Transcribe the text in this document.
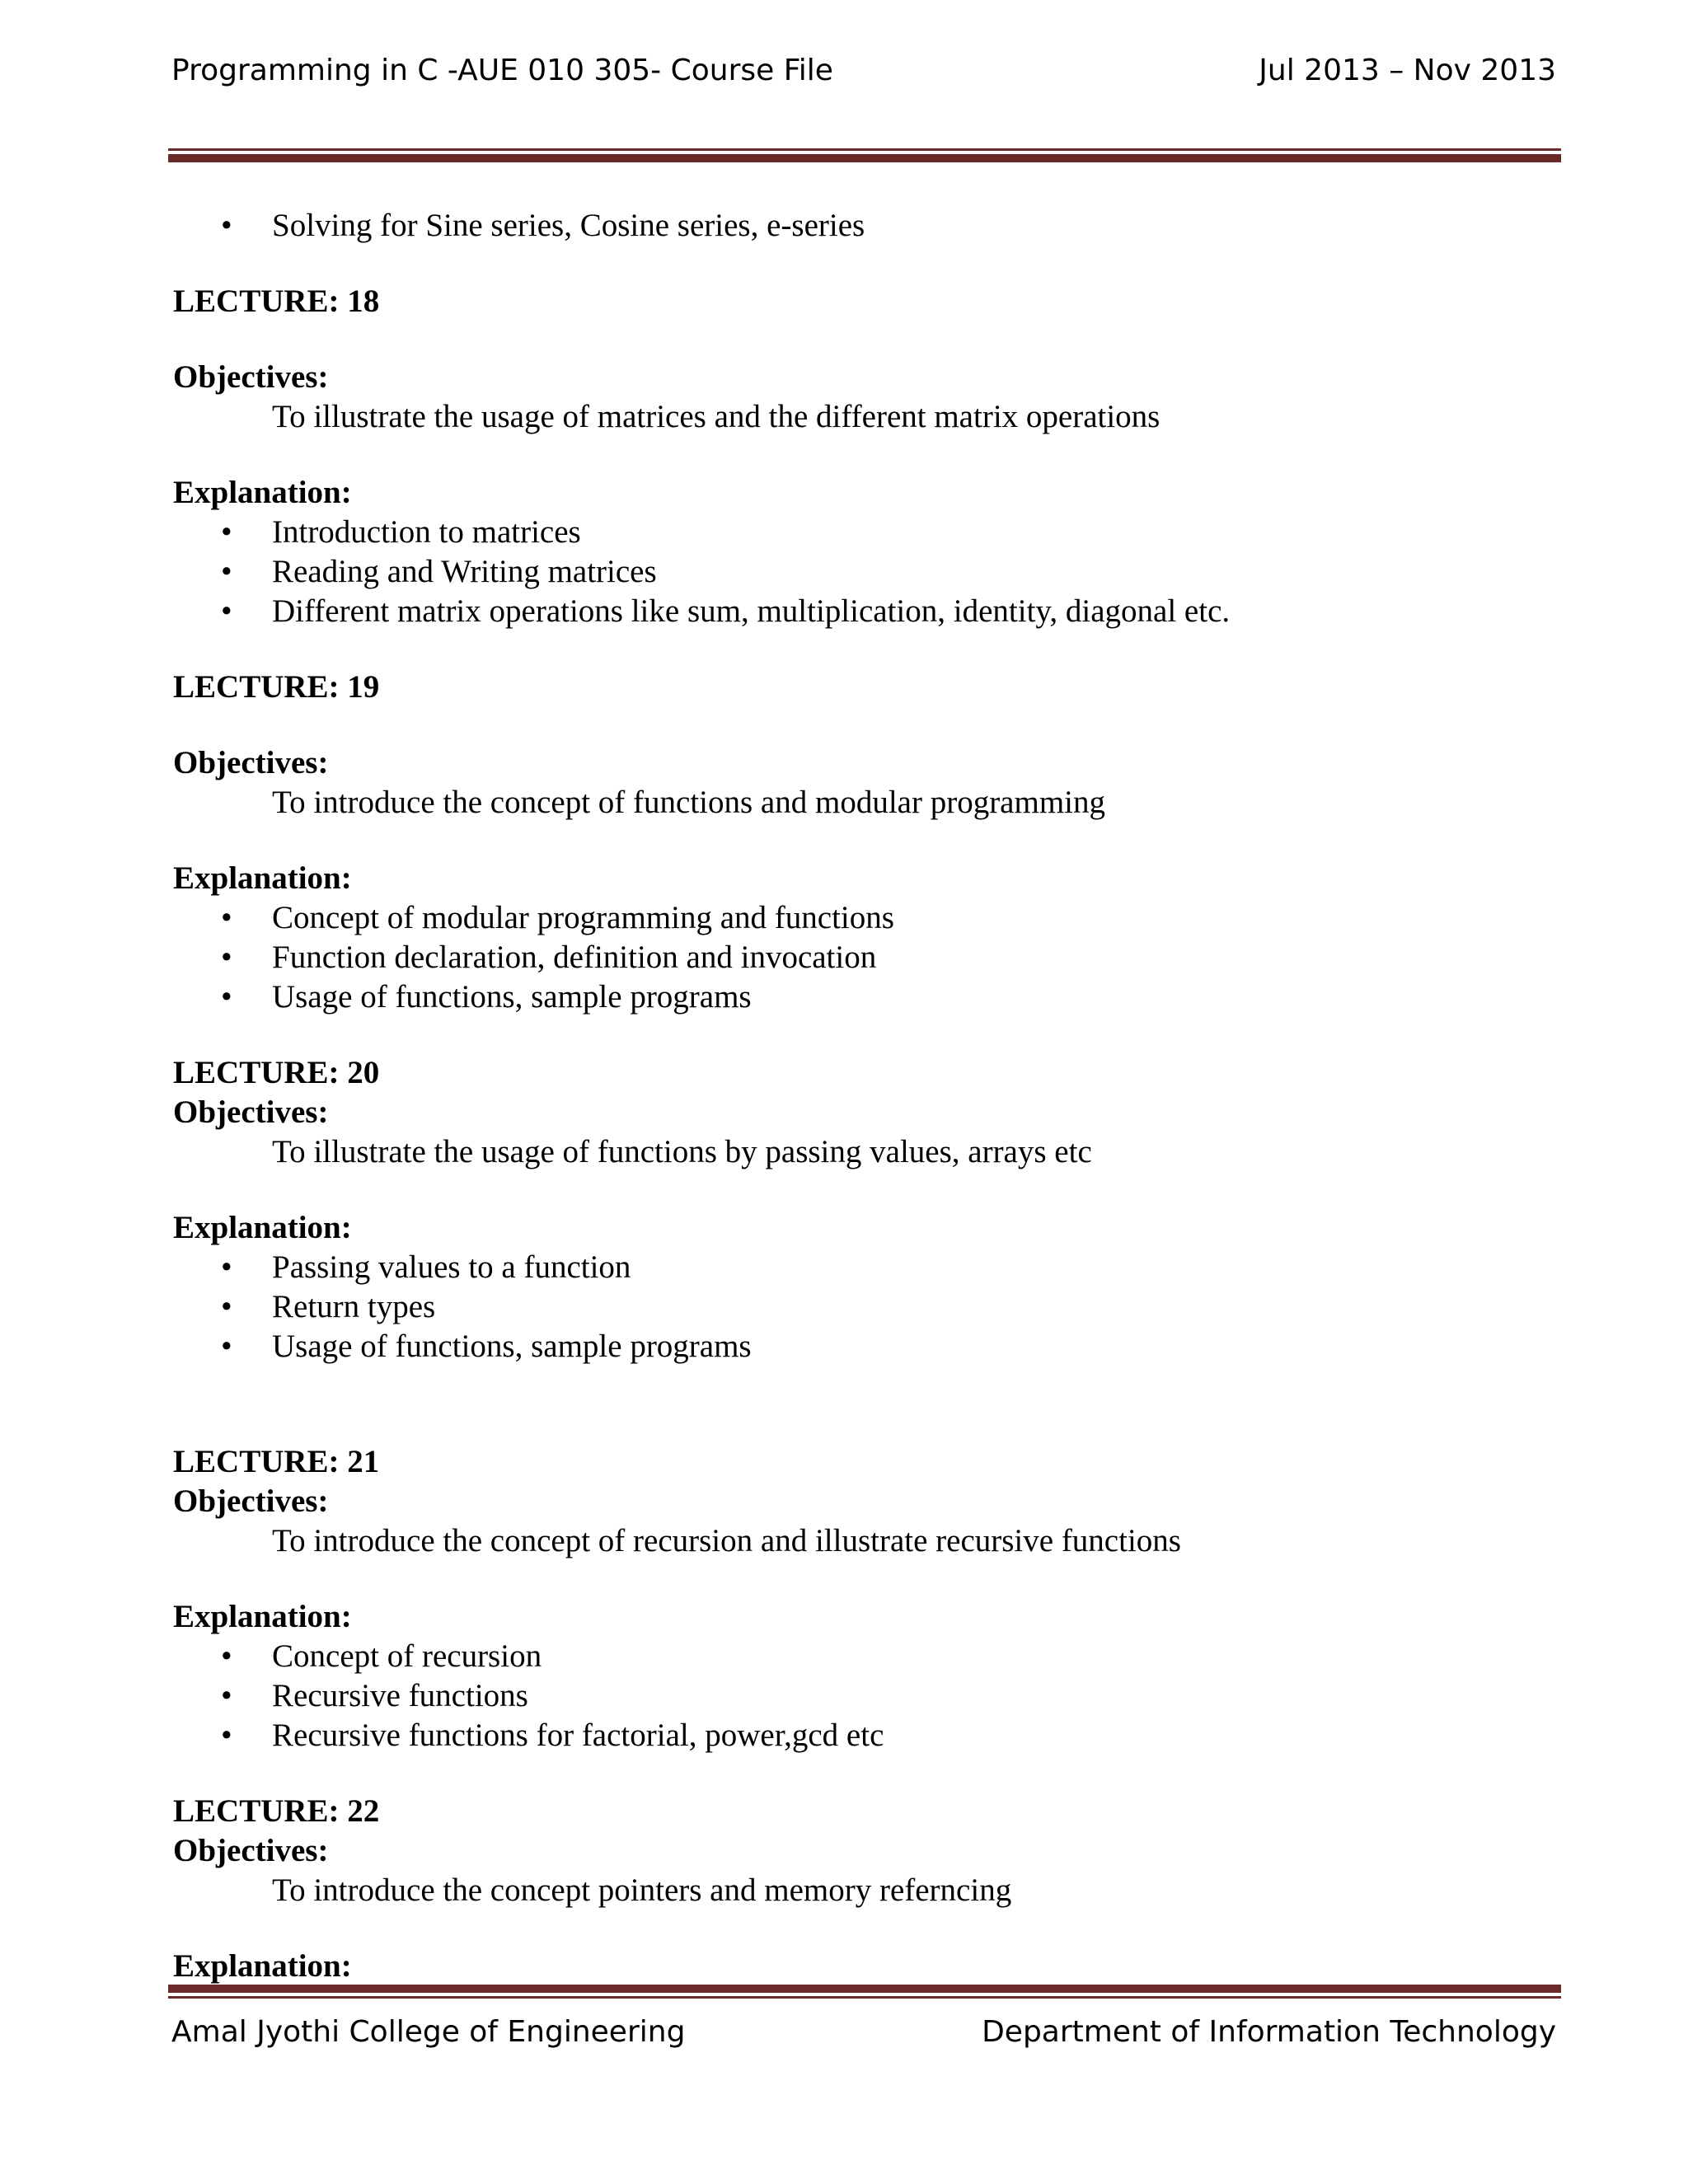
Programming in C -AUE 010 305- Course File	Jul 2013 – Nov 2013
• Solving for Sine series, Cosine series, e-series
LECTURE: 18
Objectives:
To illustrate the usage of matrices and the different matrix operations
Explanation:
• Introduction to matrices
• Reading and Writing matrices
• Different matrix operations like sum, multiplication, identity, diagonal etc.
LECTURE: 19
Objectives:
To introduce the concept of functions and modular programming
Explanation:
• Concept of modular programming and functions
• Function declaration, definition and invocation
• Usage of functions, sample programs
LECTURE: 20
Objectives:
To illustrate the usage of functions by passing values, arrays etc
Explanation:
• Passing values to a function
• Return types
• Usage of functions, sample programs
LECTURE: 21
Objectives:
To introduce the concept of recursion and illustrate recursive functions
Explanation:
• Concept of recursion
• Recursive functions
• Recursive functions for factorial, power,gcd etc
LECTURE: 22
Objectives:
To introduce the concept pointers and memory referncing
Explanation:
Amal Jyothi College of Engineering	Department of Information Technology
